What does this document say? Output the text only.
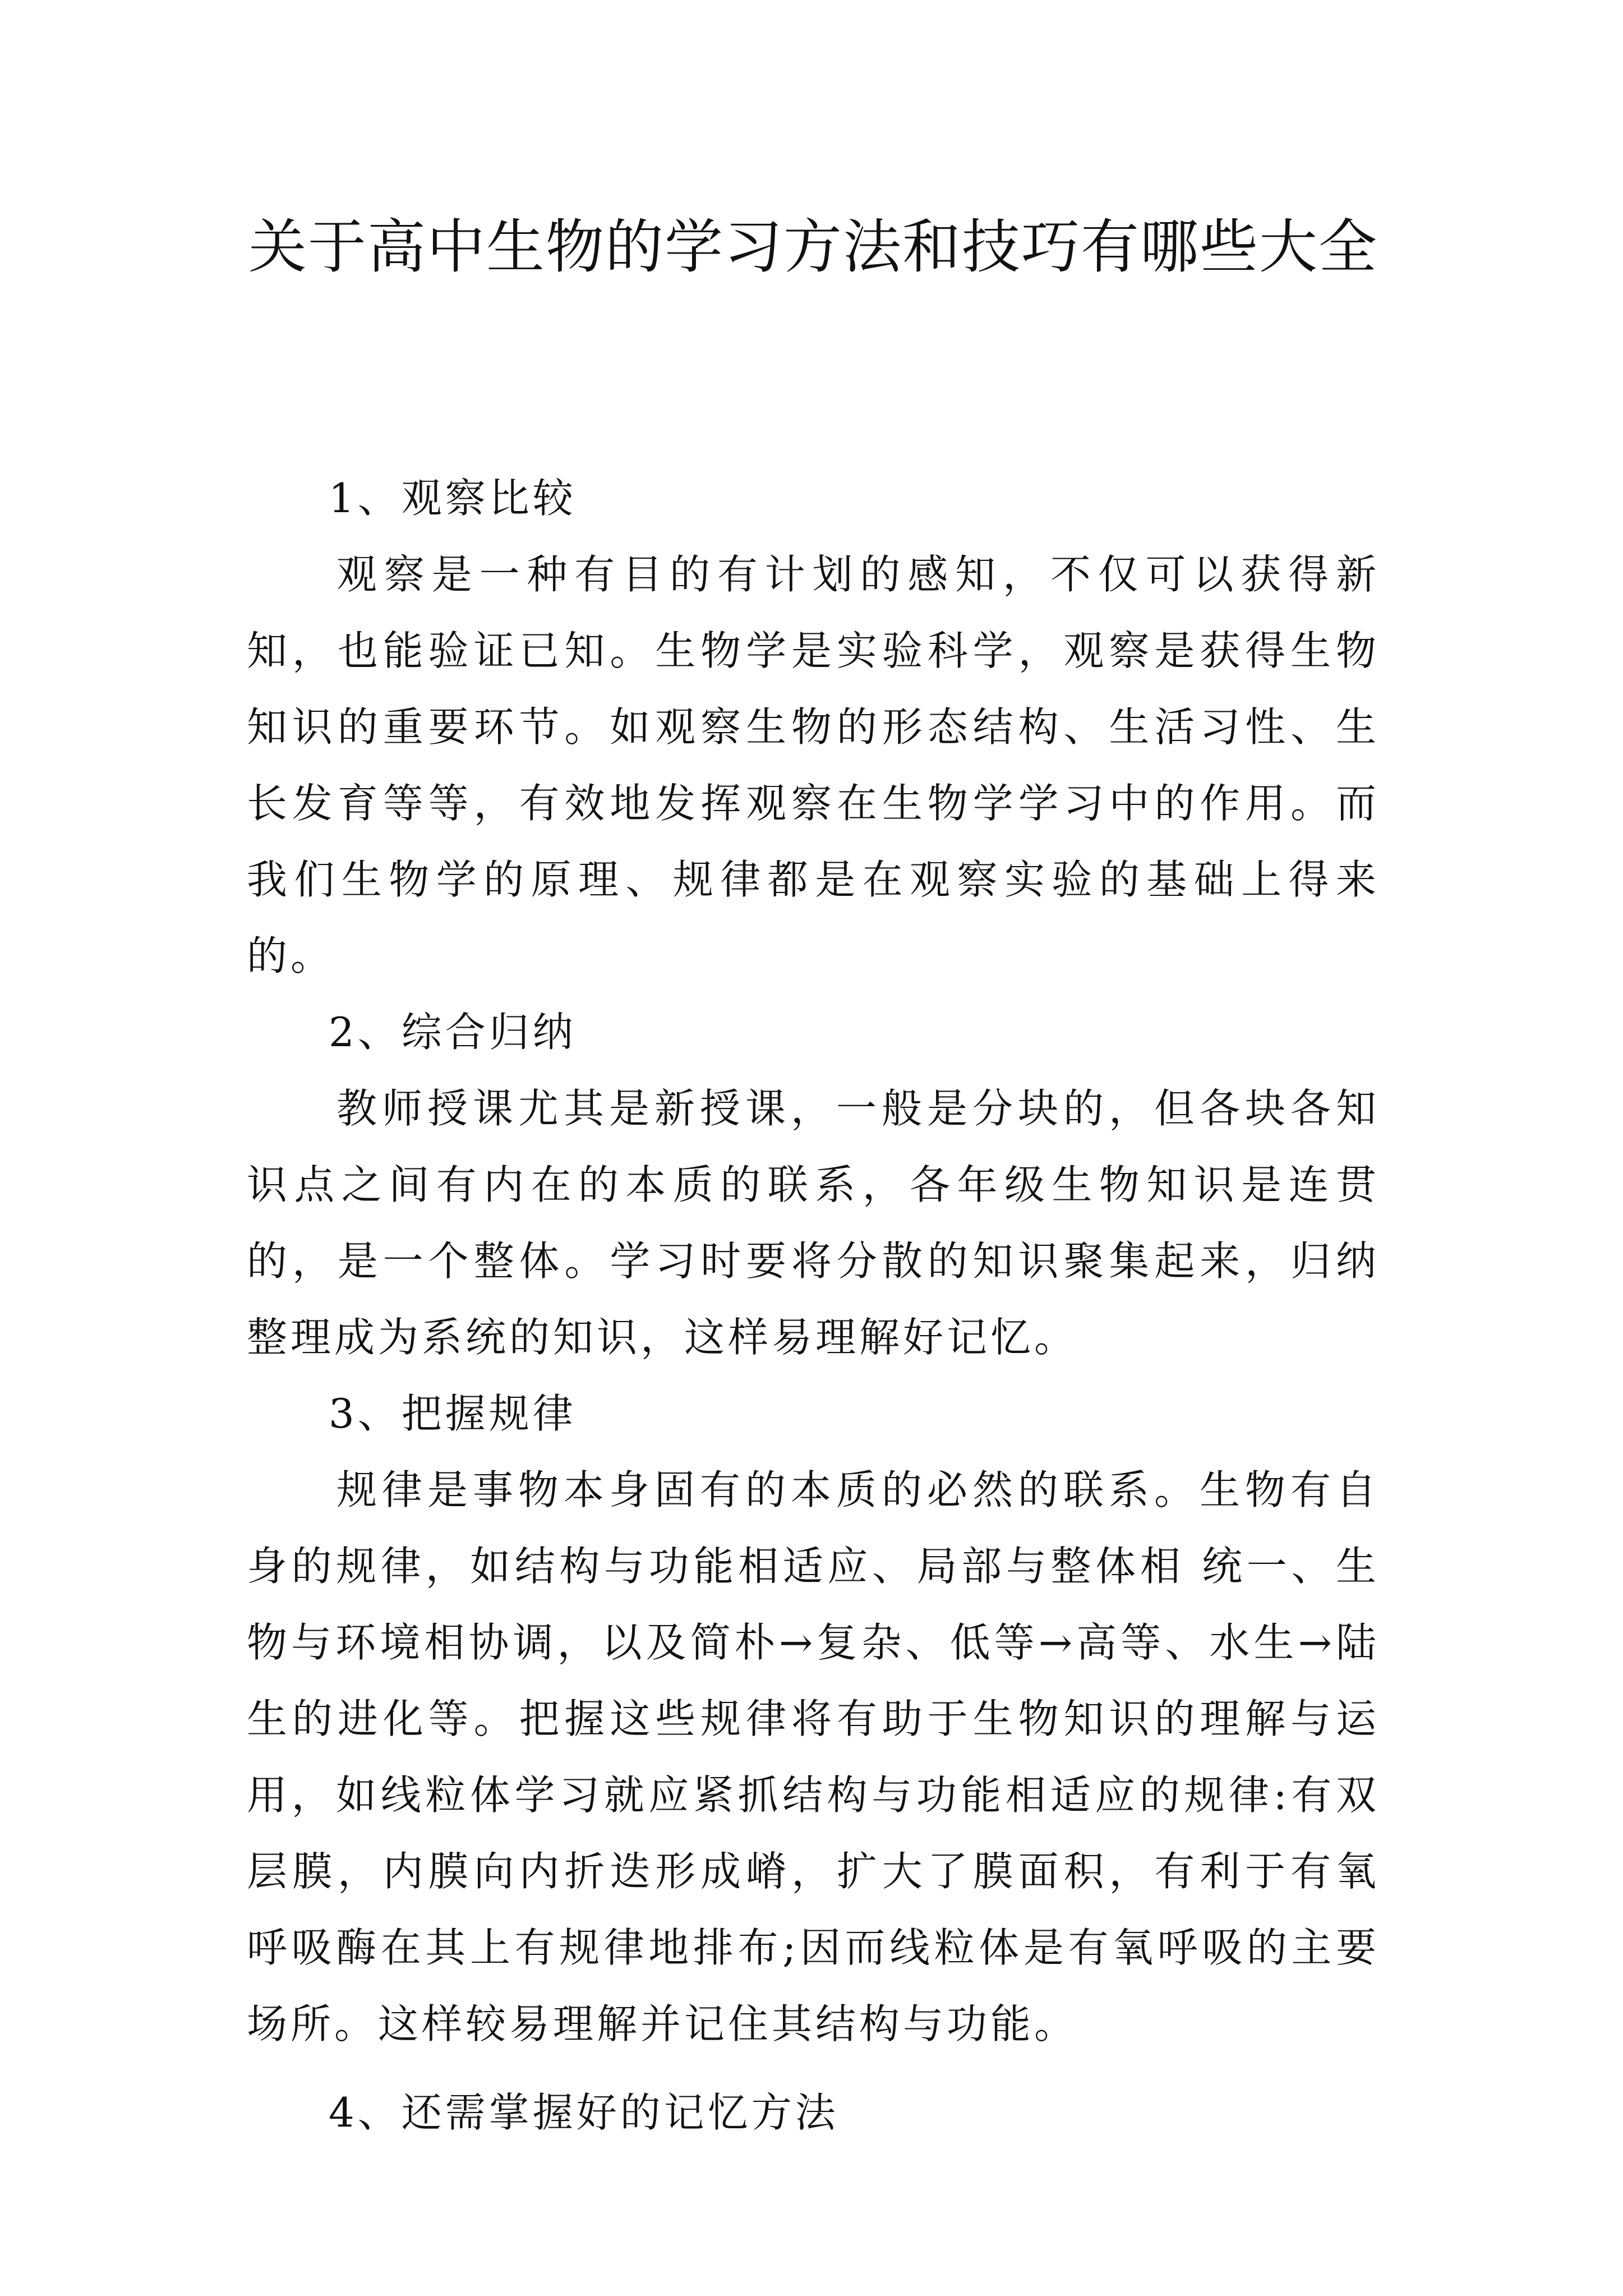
关于高中生物的学习方法和技巧有哪些大全

1、观察比较

观察是一种有目的有计划的感知，不仅可以获得新知，也能验证已知。生物学是实验科学，观察是获得生物知识的重要环节。如观察生物的形态结构、生活习性、生长发育等等，有效地发挥观察在生物学学习中的作用。而我们生物学的原理、规律都是在观察实验的基础上得来的。

2、综合归纳

教师授课尤其是新授课，一般是分块的，但各块各知识点之间有内在的本质的联系，各年级生物知识是连贯的，是一个整体。学习时要将分散的知识聚集起来，归纳整理成为系统的知识，这样易理解好记忆。

3、把握规律

规律是事物本身固有的本质的必然的联系。生物有自身的规律，如结构与功能相适应、局部与整体相 统一、生物与环境相协调，以及简朴→复杂、低等→高等、水生→陆生的进化等。把握这些规律将有助于生物知识的理解与运用，如线粒体学习就应紧抓结构与功能相适应的规律:有双层膜，内膜向内折迭形成嵴，扩大了膜面积，有利于有氧呼吸酶在其上有规律地排布;因而线粒体是有氧呼吸的主要场所。这样较易理解并记住其结构与功能。

4、还需掌握好的记忆方法
